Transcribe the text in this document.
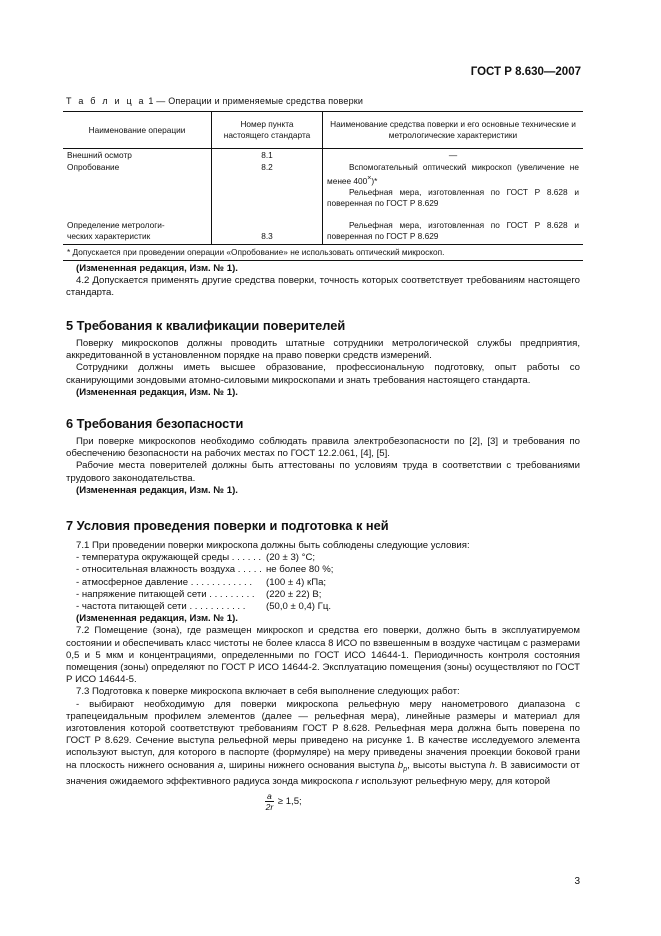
ГОСТ Р 8.630—2007
Т а б л и ц а 1 — Операции и применяемые средства поверки
Наименование операции	Номер пункта настоящего стандарта	Наименование средства поверки и его основные технические и метрологические характеристики
Внешний осмотр	8.1	—
Опробование	8.2	Вспомогательный оптический микроскоп (увеличение не менее 400×)*
Рельефная мера, изготовленная по ГОСТ Р 8.628 и поверенная по ГОСТ Р 8.629

Определение метрологи-
ческих характеристик	8.3	Рельефная мера, изготовленная по ГОСТ Р 8.628 и поверенная по ГОСТ Р 8.629
* Допускается при проведении операции «Опробование» не использовать оптический микроскоп.		

(Измененная редакция, Изм. № 1).

4.2 Допускается применять другие средства поверки, точность которых соответствует требованиям настоящего стандарта.

5 Требования к квалификации поверителей

Поверку микроскопов должны проводить штатные сотрудники метрологической службы предприятия, аккредитованной в установленном порядке на право поверки средств измерений.

Сотрудники должны иметь высшее образование, профессиональную подготовку, опыт работы со сканирующими зондовыми атомно-силовыми микроскопами и знать требования настоящего стандарта.

(Измененная редакция, Изм. № 1).

6 Требования безопасности

При поверке микроскопов необходимо соблюдать правила электробезопасности по [2], [3] и требования по обеспечению безопасности на рабочих местах по ГОСТ 12.2.061, [4], [5].

Рабочие места поверителей должны быть аттестованы по условиям труда в соответствии с требованиями трудового законодательства.

(Измененная редакция, Изм. № 1).

7 Условия проведения поверки и подготовка к ней

7.1 При проведении поверки микроскопа должны быть соблюдены следующие условия:

- температура окружающей среды . . . . . . (20 ± 3) °С;
- относительная влажность воздуха . . . . . не более 80 %;
- атмосферное давление . . . . . . . . . . . .	(100 ± 4) кПа;
- напряжение питающей сети . . . . . . . . .	(220 ± 22) В;
- частота питающей сети . . . . . . . . . . .	(50,0 ± 0,4) Гц.

(Измененная редакция, Изм. № 1).

7.2 Помещение (зона), где размещен микроскоп и средства его поверки, должно быть в эксплуатируемом состоянии и обеспечивать класс чистоты не более класса 8 ИСО по взвешенным в воздухе частицам с размерами 0,5 и 5 мкм и концентрациями, определенными по ГОСТ ИСО 14644-1. Периодичность контроля состояния помещения (зоны) определяют по ГОСТ Р ИСО 14644-2. Эксплуатацию помещения (зоны) осуществляют по ГОСТ Р ИСО 14644-5.

7.3 Подготовка к поверке микроскопа включает в себя выполнение следующих работ:

- выбирают необходимую для поверки микроскопа рельефную меру нанометрового диапазона с трапецеидальным профилем элементов (далее — рельефная мера), линейные размеры и материал для изготовления которой соответствуют требованиям ГОСТ Р 8.628. Рельефная мера должна быть поверена по ГОСТ Р 8.629. Сечение выступа рельефной меры приведено на рисунке 1. В качестве исследуемого элемента используют выступ, для которого в паспорте (формуляре) на меру приведены значения проекции боковой грани на плоскость нижнего основания a, ширины нижнего основания выступа $b_p$, высоты выступа h. В зависимости от значения ожидаемого эффективного радиуса зонда микроскопа r используют рельефную меру, для которой

$\frac{a}{2r} \ge 1,5$;
3
